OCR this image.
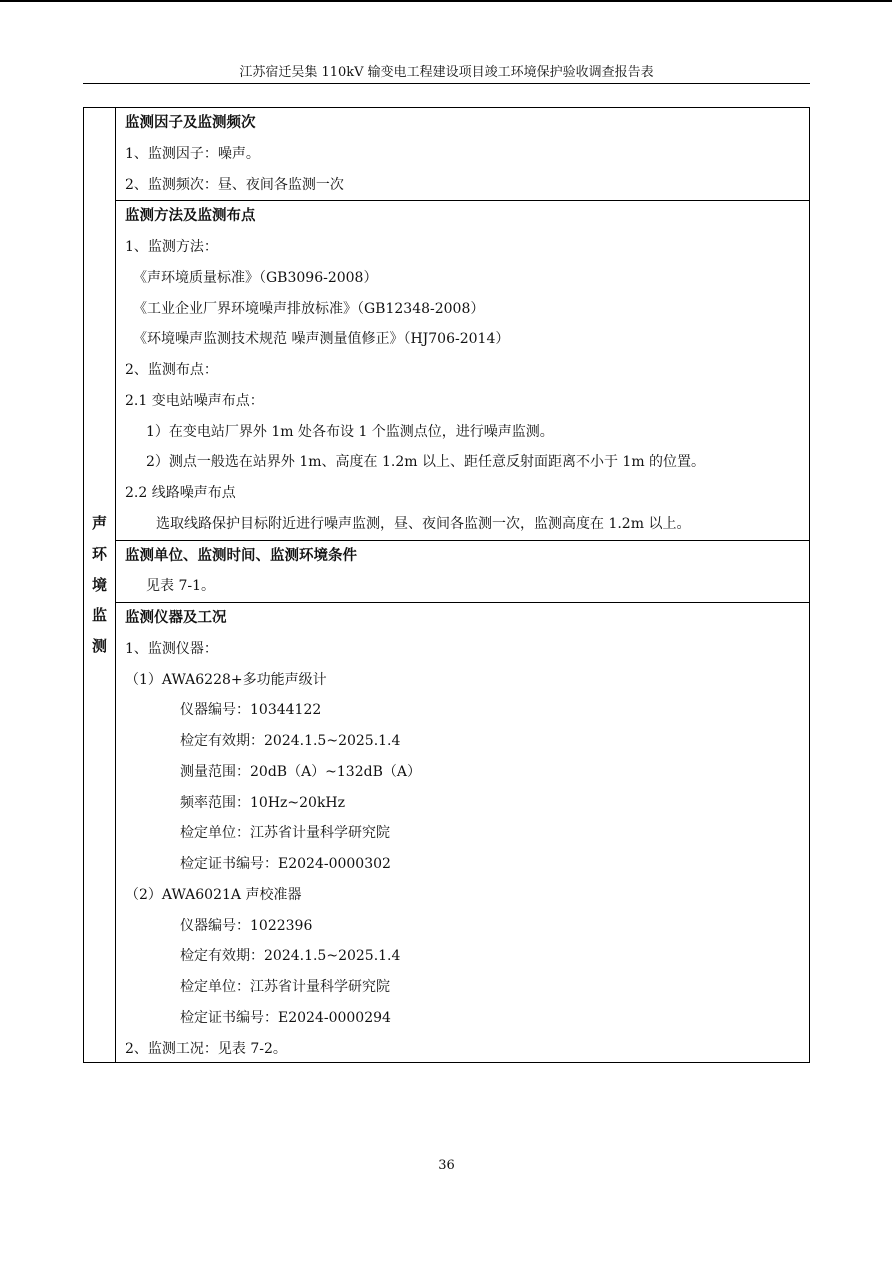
江苏宿迁吴集 110kV 输变电工程建设项目竣工环境保护验收调查报告表
声
环
境
监
测
监测因子及监测频次
1、监测因子：噪声。
2、监测频次：昼、夜间各监测一次
监测方法及监测布点
1、监测方法：
《声环境质量标准》（GB3096-2008）
《工业企业厂界环境噪声排放标准》（GB12348-2008）
《环境噪声监测技术规范 噪声测量值修正》（HJ706-2014）
2、监测布点：
2.1 变电站噪声布点：
1）在变电站厂界外 1m 处各布设 1 个监测点位，进行噪声监测。
2）测点一般选在站界外 1m、高度在 1.2m 以上、距任意反射面距离不小于 1m 的位置。
2.2 线路噪声布点
选取线路保护目标附近进行噪声监测，昼、夜间各监测一次，监测高度在 1.2m 以上。
监测单位、监测时间、监测环境条件
见表 7-1。
监测仪器及工况
1、监测仪器：
（1）AWA6228+多功能声级计
仪器编号：10344122
检定有效期：2024.1.5~2025.1.4
测量范围：20dB（A）~132dB（A）
频率范围：10Hz~20kHz
检定单位：江苏省计量科学研究院
检定证书编号：E2024-0000302
（2）AWA6021A 声校准器
仪器编号：1022396
检定有效期：2024.1.5~2025.1.4
检定单位：江苏省计量科学研究院
检定证书编号：E2024-0000294
2、监测工况：见表 7-2。
36
